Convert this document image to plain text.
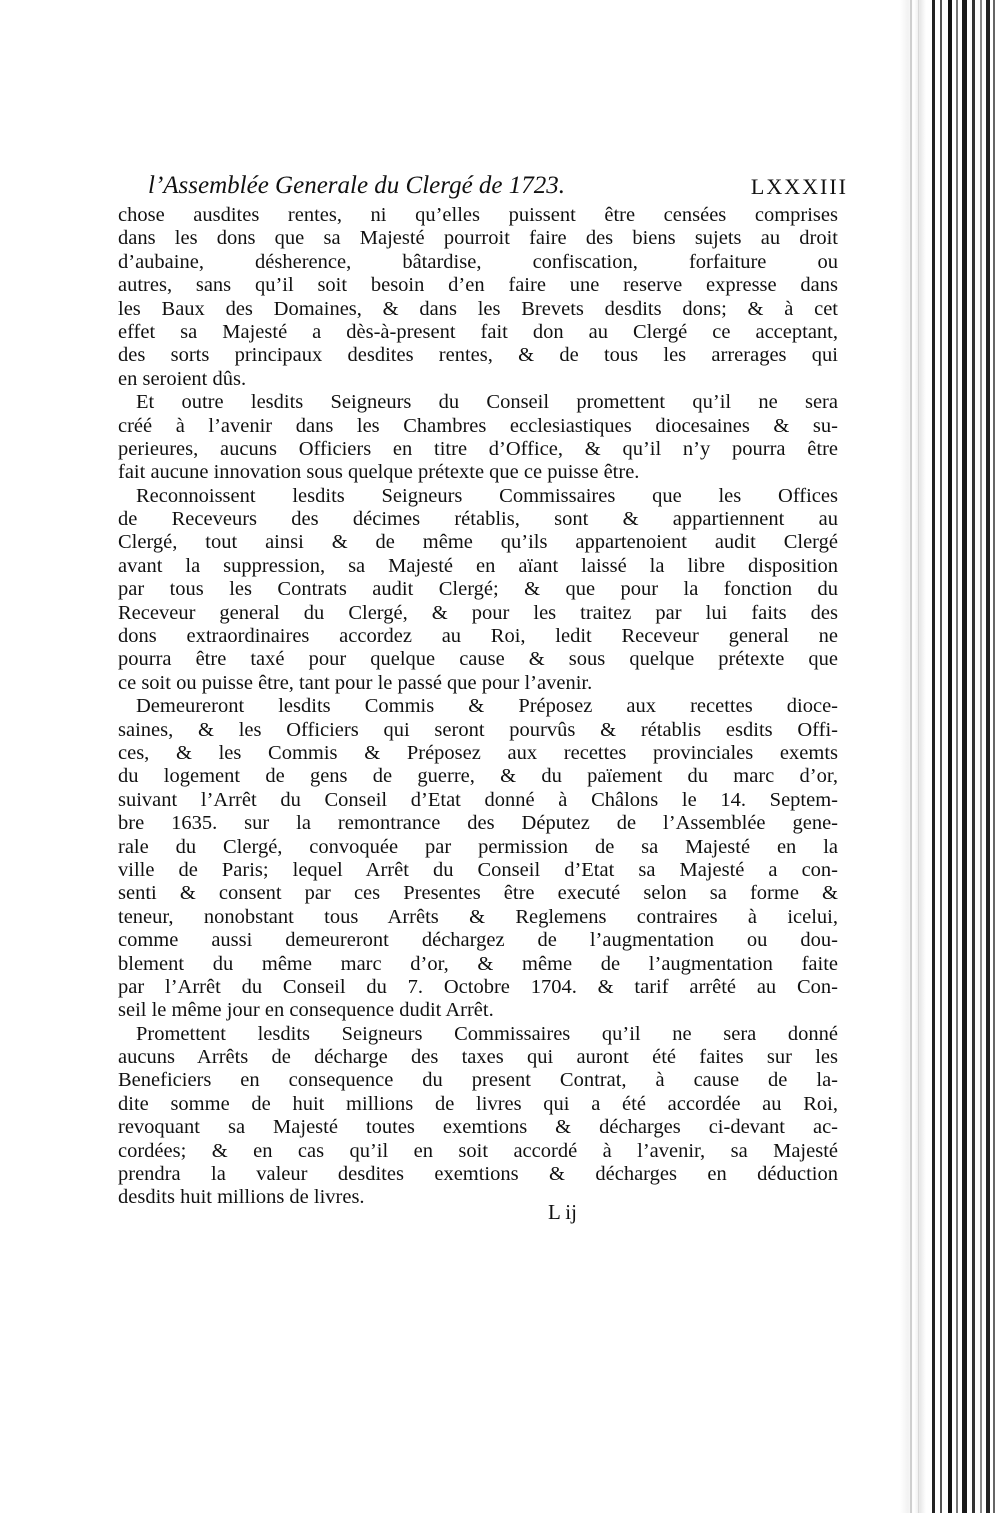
l’Assemblée Generale du Clergé de 1723.	LXXXIII
chose ausdites rentes, ni qu’elles puissent être censées comprises
dans les dons que sa Majesté pourroit faire des biens sujets au droit
d’aubaine, désherence, bâtardise, confiscation, forfaiture ou
autres, sans qu’il soit besoin d’en faire une reserve expresse dans
les Baux des Domaines, & dans les Brevets desdits dons; & à cet
effet sa Majesté a dès-à-present fait don au Clergé ce acceptant,
des sorts principaux desdites rentes, & de tous les arrerages qui
en seroient dûs.
Et outre lesdits Seigneurs du Conseil promettent qu’il ne sera
créé à l’avenir dans les Chambres ecclesiastiques diocesaines & su-
perieures, aucuns Officiers en titre d’Office, & qu’il n’y pourra être
fait aucune innovation sous quelque prétexte que ce puisse être.
Reconnoissent lesdits Seigneurs Commissaires que les Offices
de Receveurs des décimes rétablis, sont & appartiennent au
Clergé, tout ainsi & de même qu’ils appartenoient audit Clergé
avant la suppression, sa Majesté en aïant laissé la libre disposition
par tous les Contrats audit Clergé; & que pour la fonction du
Receveur general du Clergé, & pour les traitez par lui faits des
dons extraordinaires accordez au Roi, ledit Receveur general ne
pourra être taxé pour quelque cause & sous quelque prétexte que
ce soit ou puisse être, tant pour le passé que pour l’avenir.
Demeureront lesdits Commis & Préposez aux recettes dioce-
saines, & les Officiers qui seront pourvûs & rétablis esdits Offi-
ces, & les Commis & Préposez aux recettes provinciales exemts
du logement de gens de guerre, & du païement du marc d’or,
suivant l’Arrêt du Conseil d’Etat donné à Châlons le 14. Septem-
bre 1635. sur la remontrance des Députez de l’Assemblée gene-
rale du Clergé, convoquée par permission de sa Majesté en la
ville de Paris; lequel Arrêt du Conseil d’Etat sa Majesté a con-
senti & consent par ces Presentes être executé selon sa forme &
teneur, nonobstant tous Arrêts & Reglemens contraires à icelui,
comme aussi demeureront déchargez de l’augmentation ou dou-
blement du même marc d’or, & même de l’augmentation faite
par l’Arrêt du Conseil du 7. Octobre 1704. & tarif arrêté au Con-
seil le même jour en consequence dudit Arrêt.
Promettent lesdits Seigneurs Commissaires qu’il ne sera donné
aucuns Arrêts de décharge des taxes qui auront été faites sur les
Beneficiers en consequence du present Contrat, à cause de la-
dite somme de huit millions de livres qui a été accordée au Roi,
revoquant sa Majesté toutes exemtions & décharges ci-devant ac-
cordées; & en cas qu’il en soit accordé à l’avenir, sa Majesté
prendra la valeur desdites exemtions & décharges en déduction
desdits huit millions de livres.
L ij
